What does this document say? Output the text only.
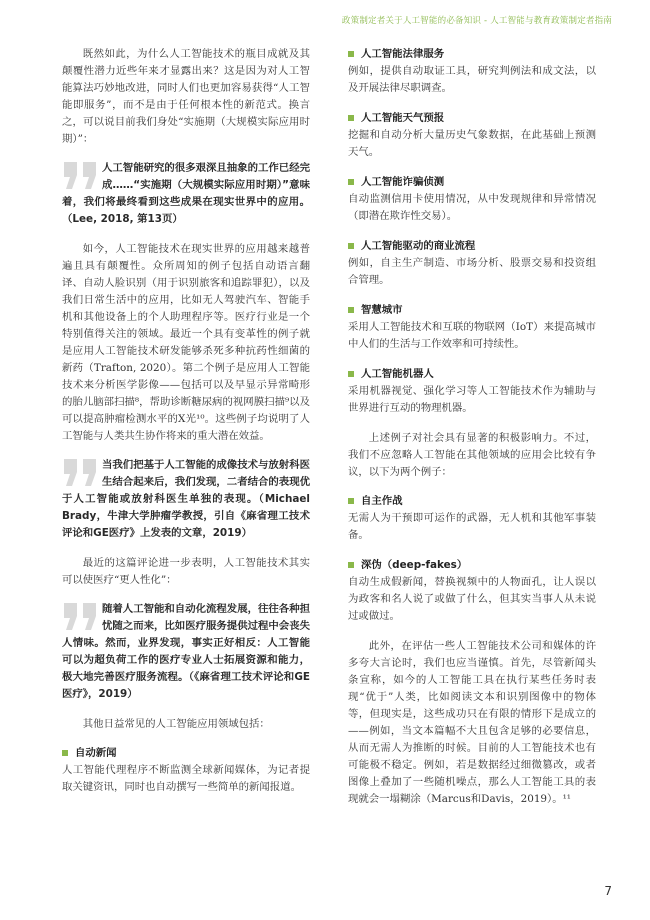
政策制定者关于人工智能的必备知识 - 人工智能与教育政策制定者指南

既然如此，为什么人工智能技术的瓶目成就及其颠覆性潜力近些年来才显露出来？这是因为对人工智能算法巧妙地改进，同时人们也更加容易获得“人工智能即服务”，而不是由于任何根本性的新范式。换言之，可以说目前我们身处“实施期（大规模实际应用时期）”：

人工智能研究的很多艰深且抽象的工作已经完成……“实施期（大规模实际应用时期）”意味着，我们将最终看到这些成果在现实世界中的应用。（Lee, 2018, 第13页）

如今，人工智能技术在现实世界的应用越来越普遍且具有颠覆性。众所周知的例子包括自动语言翻译、自动人脸识别（用于识别旅客和追踪罪犯），以及我们日常生活中的应用，比如无人驾驶汽车、智能手机和其他设备上的个人助理程序等。医疗行业是一个特别值得关注的领域。最近一个具有变革性的例子就是应用人工智能技术研发能够杀死多种抗药性细菌的新药（Trafton, 2020）。第二个例子是应用人工智能技术来分析医学影像——包括可以及早显示异常畸形的胎儿脑部扫描⁸，帮助诊断糖尿病的视网膜扫描⁹以及可以提高肿瘤检测水平的X光¹⁰。这些例子均说明了人工智能与人类共生协作将来的重大潜在效益。

当我们把基于人工智能的成像技术与放射科医生结合起来后，我们发现，二者结合的表现优于人工智能或放射科医生单独的表现。（Michael Brady，牛津大学肿瘤学教授，引自《麻省理工技术评论和GE医疗》上发表的文章，2019）

最近的这篇评论进一步表明，人工智能技术其实可以使医疗“更人性化”：

随着人工智能和自动化流程发展，往往各种担忧随之而来，比如医疗服务提供过程中会丧失人情味。然而，业界发现，事实正好相反：人工智能可以为超负荷工作的医疗专业人士拓展资源和能力，极大地完善医疗服务流程。（《麻省理工技术评论和GE医疗》，2019）

其他日益常见的人工智能应用领域包括：

自动新闻
人工智能代理程序不断监测全球新闻媒体，为记者提取关键资讯，同时也自动撰写一些简单的新闻报道。
人工智能法律服务
例如，提供自动取证工具，研究判例法和成文法，以及开展法律尽职调查。
人工智能天气预报
挖掘和自动分析大量历史气象数据，在此基础上预测天气。
人工智能诈骗侦测
自动监测信用卡使用情况，从中发现规律和异常情况（即潜在欺诈性交易）。
人工智能驱动的商业流程
例如，自主生产制造、市场分析、股票交易和投资组合管理。
智慧城市
采用人工智能技术和互联的物联网（IoT）来提高城市中人们的生活与工作效率和可持续性。
人工智能机器人
采用机器视觉、强化学习等人工智能技术作为辅助与世界进行互动的物理机器。

上述例子对社会具有显著的积极影响力。不过，我们不应忽略人工智能在其他领域的应用会比较有争议，以下为两个例子：

自主作战
无需人为干预即可运作的武器，无人机和其他军事装备。
深伪（deep-fakes）
自动生成假新闻，替换视频中的人物面孔，让人误以为政客和名人说了或做了什么，但其实当事人从未说过或做过。

此外，在评估一些人工智能技术公司和媒体的许多夸大言论时，我们也应当谨慎。首先，尽管新闻头条宣称，如今的人工智能工具在执行某些任务时表现“优于”人类，比如阅读文本和识别图像中的物体等，但现实是，这些成功只在有限的情形下是成立的——例如，当文本篇幅不大且包含足够的必要信息，从而无需人为推断的时候。目前的人工智能技术也有可能极不稳定。例如，若是数据经过细微篡改，或者图像上叠加了一些随机噪点，那么人工智能工具的表现就会一塌糊涂（Marcus和Davis，2019）。¹¹

7
